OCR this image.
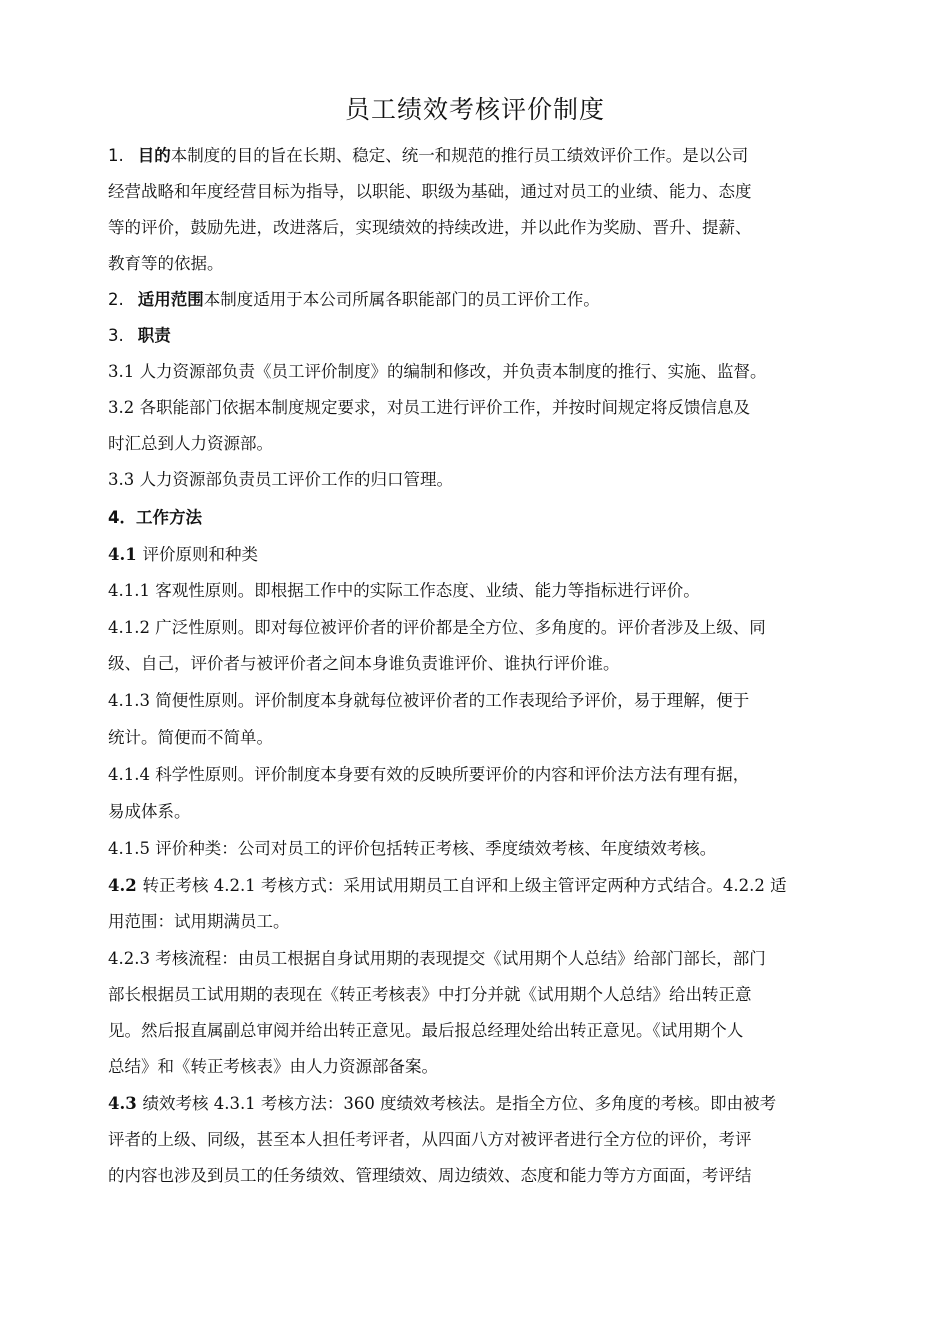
员工绩效考核评价制度
1. 目的本制度的目的旨在长期、稳定、统一和规范的推行员工绩效评价工作。是以公司
经营战略和年度经营目标为指导，以职能、职级为基础，通过对员工的业绩、能力、态度
等的评价，鼓励先进，改进落后，实现绩效的持续改进，并以此作为奖励、晋升、提薪、
教育等的依据。
2. 适用范围本制度适用于本公司所属各职能部门的员工评价工作。
3. 职责
3.1 人力资源部负责《员工评价制度》的编制和修改，并负责本制度的推行、实施、监督。
3.2 各职能部门依据本制度规定要求，对员工进行评价工作，并按时间规定将反馈信息及
时汇总到人力资源部。
3.3 人力资源部负责员工评价工作的归口管理。
4．工作方法
4.1 评价原则和种类
4.1.1 客观性原则。即根据工作中的实际工作态度、业绩、能力等指标进行评价。
4.1.2 广泛性原则。即对每位被评价者的评价都是全方位、多角度的。评价者涉及上级、同
级、自己，评价者与被评价者之间本身谁负责谁评价、谁执行评价谁。
4.1.3 简便性原则。评价制度本身就每位被评价者的工作表现给予评价，易于理解，便于
统计。简便而不简单。
4.1.4 科学性原则。评价制度本身要有效的反映所要评价的内容和评价法方法有理有据，
易成体系。
4.1.5 评价种类：公司对员工的评价包括转正考核、季度绩效考核、年度绩效考核。
4.2 转正考核 4.2.1 考核方式：采用试用期员工自评和上级主管评定两种方式结合。4.2.2 适
用范围：试用期满员工。
4.2.3 考核流程：由员工根据自身试用期的表现提交《试用期个人总结》给部门部长，部门
部长根据员工试用期的表现在《转正考核表》中打分并就《试用期个人总结》给出转正意
见。然后报直属副总审阅并给出转正意见。最后报总经理处给出转正意见。《试用期个人
总结》和《转正考核表》由人力资源部备案。
4.3 绩效考核 4.3.1 考核方法：360 度绩效考核法。是指全方位、多角度的考核。即由被考
评者的上级、同级，甚至本人担任考评者，从四面八方对被评者进行全方位的评价，考评
的内容也涉及到员工的任务绩效、管理绩效、周边绩效、态度和能力等方方面面，考评结
